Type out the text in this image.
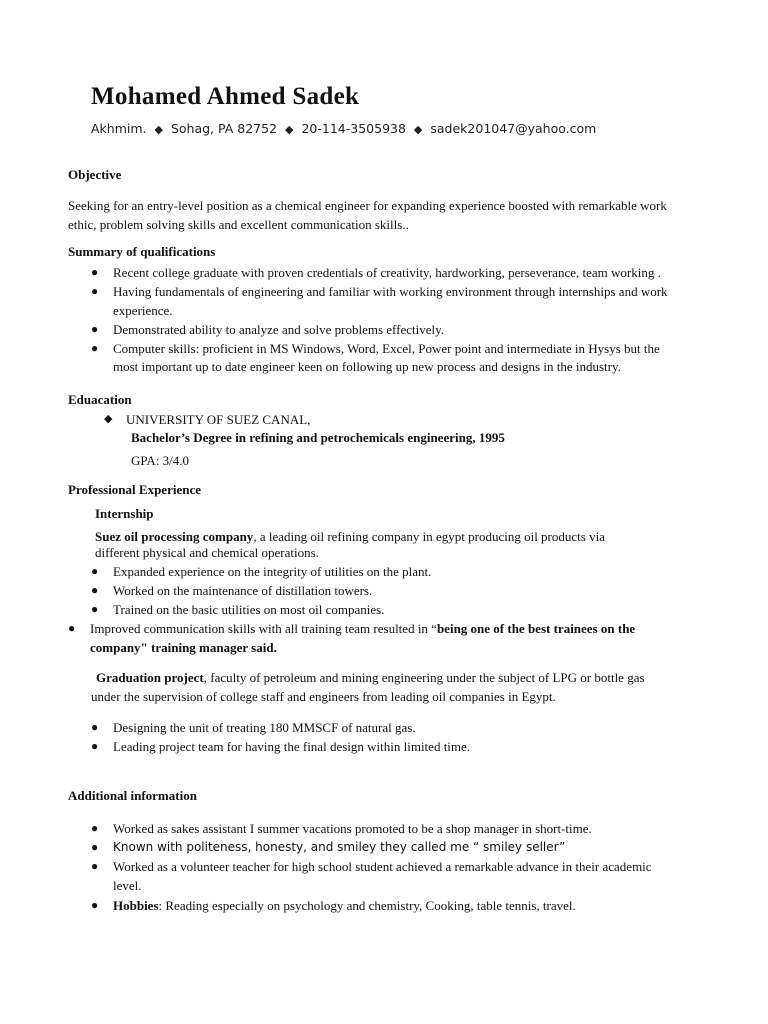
Mohamed Ahmed Sadek
Akhmim. ◆ Sohag, PA 82752 ◆ 20-114-3505938 ◆ sadek201047@yahoo.com
Objective
Seeking for an entry-level position as a chemical engineer for expanding experience boosted with remarkable work
ethic, problem solving skills and excellent communication skills..
Summary of qualifications
● Recent college graduate with proven credentials of creativity, hardworking, perseverance, team working .
● Having fundamentals of engineering and familiar with working environment through internships and work
experience.
● Demonstrated ability to analyze and solve problems effectively.
● Computer skills: proficient in MS Windows, Word, Excel, Power point and intermediate in Hysys but the
most important up to date engineer keen on following up new process and designs in the industry.
Eduacation
◆ UNIVERSITY OF SUEZ CANAL,
Bachelor’s Degree in refining and petrochemicals engineering, 1995
GPA: 3/4.0
Professional Experience
Internship
Suez oil processing company, a leading oil refining company in egypt producing oil products via
different physical and chemical operations.
● Expanded experience on the integrity of utilities on the plant.
● Worked on the maintenance of distillation towers.
● Trained on the basic utilities on most oil companies.
● Improved communication skills with all training team resulted in “being one of the best trainees on the
company" training manager said.
Graduation project, faculty of petroleum and mining engineering under the subject of LPG or bottle gas
under the supervision of college staff and engineers from leading oil companies in Egypt.
● Designing the unit of treating 180 MMSCF of natural gas.
● Leading project team for having the final design within limited time.
Additional information
● Worked as sakes assistant I summer vacations promoted to be a shop manager in short-time.
● Known with politeness, honesty, and smiley they called me “ smiley seller”
● Worked as a volunteer teacher for high school student achieved a remarkable advance in their academic
level.
● Hobbies: Reading especially on psychology and chemistry, Cooking, table tennis, travel.
